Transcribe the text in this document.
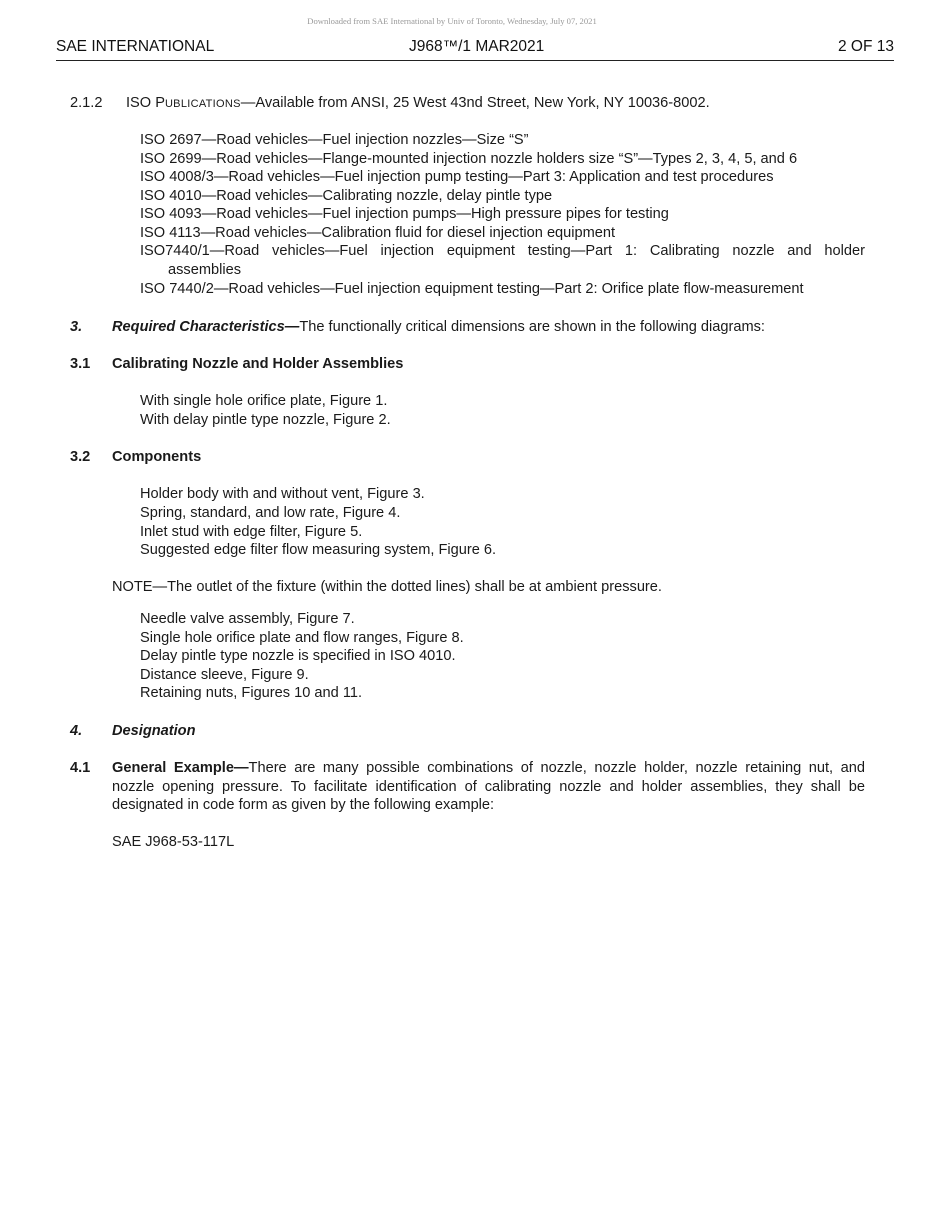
Downloaded from SAE International by Univ of Toronto, Wednesday, July 07, 2021
SAE INTERNATIONAL	J968™/1 MAR2021	2 OF 13
2.1.2 ISO PUBLICATIONS—Available from ANSI, 25 West 43nd Street, New York, NY 10036-8002.
ISO 2697—Road vehicles—Fuel injection nozzles—Size “S”
ISO 2699—Road vehicles—Flange-mounted injection nozzle holders size “S”—Types 2, 3, 4, 5, and 6
ISO 4008/3—Road vehicles—Fuel injection pump testing—Part 3: Application and test procedures
ISO 4010—Road vehicles—Calibrating nozzle, delay pintle type
ISO 4093—Road vehicles—Fuel injection pumps—High pressure pipes for testing
ISO 4113—Road vehicles—Calibration fluid for diesel injection equipment
ISO7440/1—Road vehicles—Fuel injection equipment testing—Part 1: Calibrating nozzle and holder
assemblies
ISO 7440/2—Road vehicles—Fuel injection equipment testing—Part 2: Orifice plate flow-measurement
3. Required Characteristics—The functionally critical dimensions are shown in the following diagrams:
3.1 Calibrating Nozzle and Holder Assemblies
With single hole orifice plate, Figure 1.
With delay pintle type nozzle, Figure 2.
3.2 Components
Holder body with and without vent, Figure 3.
Spring, standard, and low rate, Figure 4.
Inlet stud with edge filter, Figure 5.
Suggested edge filter flow measuring system, Figure 6.
NOTE—The outlet of the fixture (within the dotted lines) shall be at ambient pressure.
Needle valve assembly, Figure 7.
Single hole orifice plate and flow ranges, Figure 8.
Delay pintle type nozzle is specified in ISO 4010.
Distance sleeve, Figure 9.
Retaining nuts, Figures 10 and 11.
4. Designation
4.1 General Example—There are many possible combinations of nozzle, nozzle holder, nozzle retaining nut, and
nozzle opening pressure. To facilitate identification of calibrating nozzle and holder assemblies, they shall be
designated in code form as given by the following example:
SAE J968-53-117L
